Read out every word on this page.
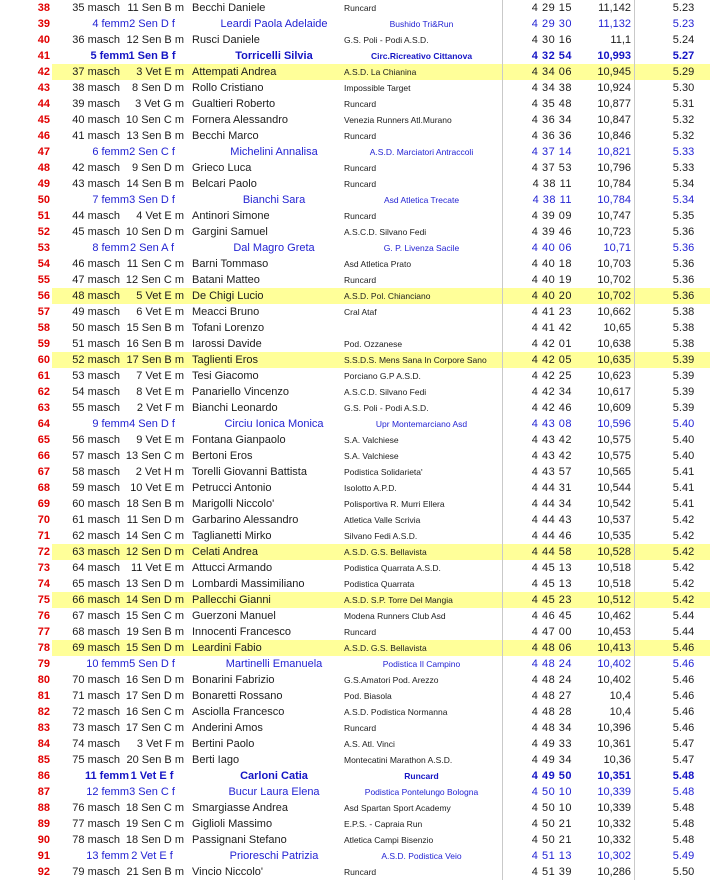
38	35 masch 11 Sen B m Becchi Daniele	Runcard	4 29 15	11,142	5.23
39	4 femm 2 Sen D f	Leardi Paola Adelaide	Bushido Tri&Run	4 29 30	11,132	5.23
40	36 masch 12 Sen B m Rusci Daniele	G.S. Poli - Podi A.S.D.	4 30 16	11,1	5.24
41	5 femm 1 Sen B f	Torricelli Silvia	Circ.Ricreativo Cittanova	4 32 54	10,993	5.27
42	37 masch	3 Vet E m Attempati Andrea	A.S.D. La Chianina	4 34 06	10,945	5.29
43	38 masch	8 Sen D m Rollo Cristiano	Impossible Target	4 34 38	10,924	5.30
44	39 masch	3 Vet G m Gualtieri Roberto	Runcard	4 35 48	10,877	5.31
45	40 masch 10 Sen C m Fornera Alessandro	Venezia Runners Atl.Murano	4 36 34	10,847	5.32
46	41 masch 13 Sen B m Becchi Marco	Runcard	4 36 36	10,846	5.32
47	6 femm 2 Sen C f	Michelini Annalisa	A.S.D. Marciatori Antraccoli	4 37 14	10,821	5.33
48	42 masch	9 Sen D m Grieco Luca	Runcard	4 37 53	10,796	5.33
49	43 masch 14 Sen B m Belcari Paolo	Runcard	4 38 11	10,784	5.34
50	7 femm 3 Sen D f	Bianchi Sara	Asd Atletica Trecate	4 38 11	10,784	5.34
51	44 masch	4 Vet E m Antinori Simone	Runcard	4 39 09	10,747	5.35
52	45 masch 10 Sen D m Gargini Samuel	A.S.C.D. Silvano Fedi	4 39 46	10,723	5.36
53	8 femm 2 Sen A f	Dal Magro Greta	G. P. Livenza Sacile	4 40 06	10,71	5.36
54	46 masch 11 Sen C m Barni Tommaso	Asd Atletica Prato	4 40 18	10,703	5.36
55	47 masch 12 Sen C m Batani Matteo	Runcard	4 40 19	10,702	5.36
56	48 masch	5 Vet E m De Chigi Lucio	A.S.D. Pol. Chianciano	4 40 20	10,702	5.36
57	49 masch	6 Vet E m Meacci Bruno	Cral Ataf	4 41 23	10,662	5.38
58	50 masch 15 Sen B m Tofani Lorenzo	4 41 42	10,65	5.38
59	51 masch 16 Sen B m Iarossi Davide	Pod. Ozzanese	4 42 01	10,638	5.38
60	52 masch 17 Sen B m Taglienti Eros	S.S.D.S. Mens Sana In Corpore Sano	4 42 05	10,635	5.39
61	53 masch	7 Vet E m Tesi Giacomo	Porciano G.P A.S.D.	4 42 25	10,623	5.39
62	54 masch	8 Vet E m Panariello Vincenzo	A.S.C.D. Silvano Fedi	4 42 34	10,617	5.39
63	55 masch	2 Vet F m Bianchi Leonardo	G.S. Poli - Podi A.S.D.	4 42 46	10,609	5.39
64	9 femm 4 Sen D f	Circiu Ionica Monica	Upr Montemarciano Asd	4 43 08	10,596	5.40
65	56 masch	9 Vet E m Fontana Gianpaolo	S.A. Valchiese	4 43 42	10,575	5.40
66	57 masch 13 Sen C m Bertoni Eros	S.A. Valchiese	4 43 42	10,575	5.40
67	58 masch	2 Vet H m Torelli Giovanni Battista	Podistica Solidarieta'	4 43 57	10,565	5.41
68	59 masch 10 Vet E m Petrucci Antonio	Isolotto A.P.D.	4 44 31	10,544	5.41
69	60 masch 18 Sen B m Marigolli Niccolo'	Polisportiva R. Murri Ellera	4 44 34	10,542	5.41
70	61 masch 11 Sen D m Garbarino Alessandro	Atletica Valle Scrivia	4 44 43	10,537	5.42
71	62 masch 14 Sen C m Taglianetti Mirko	Silvano Fedi A.S.D.	4 44 46	10,535	5.42
72	63 masch 12 Sen D m Celati Andrea	A.S.D. G.S. Bellavista	4 44 58	10,528	5.42
73	64 masch	11 Vet E m Attucci Armando	Podistica Quarrata A.S.D.	4 45 13	10,518	5.42
74	65 masch 13 Sen D m Lombardi Massimiliano	Podistica Quarrata	4 45 13	10,518	5.42
75	66 masch 14 Sen D m Pallecchi Gianni	A.S.D. S.P. Torre Del Mangia	4 45 23	10,512	5.42
76	67 masch 15 Sen C m Guerzoni Manuel	Modena Runners Club Asd	4 46 45	10,462	5.44
77	68 masch 19 Sen B m Innocenti Francesco	Runcard	4 47 00	10,453	5.44
78	69 masch 15 Sen D m Leardini Fabio	A.S.D. G.S. Bellavista	4 48 06	10,413	5.46
79	10 femm 5 Sen D f	Martinelli Emanuela	Podistica Il Campino	4 48 24	10,402	5.46
80	70 masch 16 Sen D m Bonarini Fabrizio	G.S.Amatori Pod. Arezzo	4 48 24	10,402	5.46
81	71 masch 17 Sen D m Bonaretti Rossano	Pod. Biasola	4 48 27	10,4	5.46
82	72 masch 16 Sen C m Asciolla Francesco	A.S.D. Podistica Normanna	4 48 28	10,4	5.46
83	73 masch 17 Sen C m Anderini Amos	Runcard	4 48 34	10,396	5.46
84	74 masch	3 Vet F m Bertini Paolo	A.S. Atl. Vinci	4 49 33	10,361	5.47
85	75 masch 20 Sen B m Berti Iago	Montecatini Marathon A.S.D.	4 49 34	10,36	5.47
86	11 femm 1 Vet E f	Carloni Catia	Runcard	4 49 50	10,351	5.48
87	12 femm 3 Sen C f	Bucur Laura Elena	Podistica Pontelungo Bologna	4 50 10	10,339	5.48
88	76 masch 18 Sen C m Smargiasse Andrea	Asd Spartan Sport Academy	4 50 10	10,339	5.48
89	77 masch 19 Sen C m Giglioli Massimo	E.P.S. - Capraia Run	4 50 21	10,332	5.48
90	78 masch 18 Sen D m Passignani Stefano	Atletica Campi Bisenzio	4 50 21	10,332	5.48
91	13 femm 2 Vet E f	Prioreschi Patrizia	A.S.D. Podistica Veio	4 51 13	10,302	5.49
92	79 masch 21 Sen B m Vincio Niccolo'	Runcard	4 51 39	10,286	5.50
